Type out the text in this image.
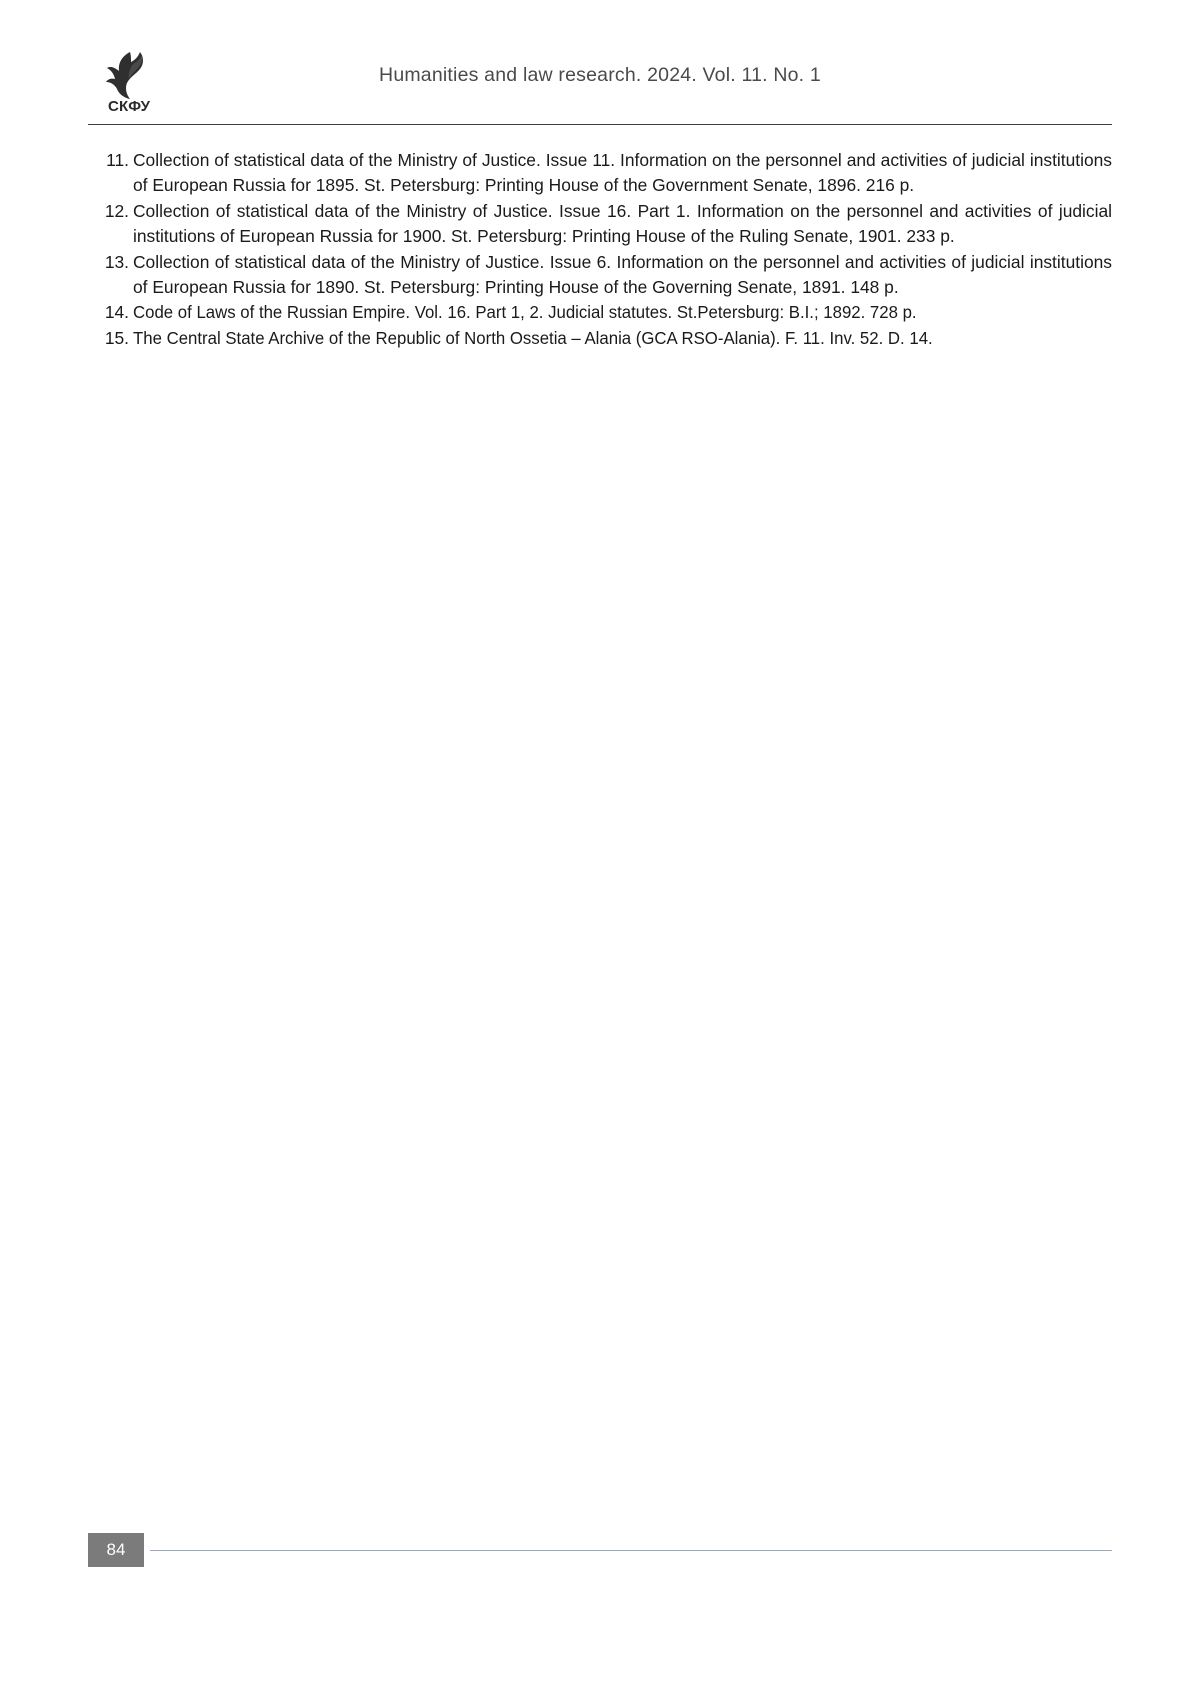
СКФУ
Humanities and law research. 2024. Vol. 11. No. 1
11. Collection of statistical data of the Ministry of Justice. Issue 11. Information on the personnel and activities of judicial institutions of European Russia for 1895. St. Petersburg: Printing House of the Government Senate, 1896. 216 p.
12. Collection of statistical data of the Ministry of Justice. Issue 16. Part 1. Information on the personnel and activities of judicial institutions of European Russia for 1900. St. Petersburg: Printing House of the Ruling Senate, 1901. 233 p.
13. Collection of statistical data of the Ministry of Justice. Issue 6. Information on the personnel and activities of judicial institutions of European Russia for 1890. St. Petersburg: Printing House of the Governing Senate, 1891. 148 p.
14. Code of Laws of the Russian Empire. Vol. 16. Part 1, 2. Judicial statutes. St.Petersburg: B.I.; 1892. 728 p.
15. The Central State Archive of the Republic of North Ossetia – Alania (GCA RSO-Alania). F. 11. Inv. 52. D. 14.
84
